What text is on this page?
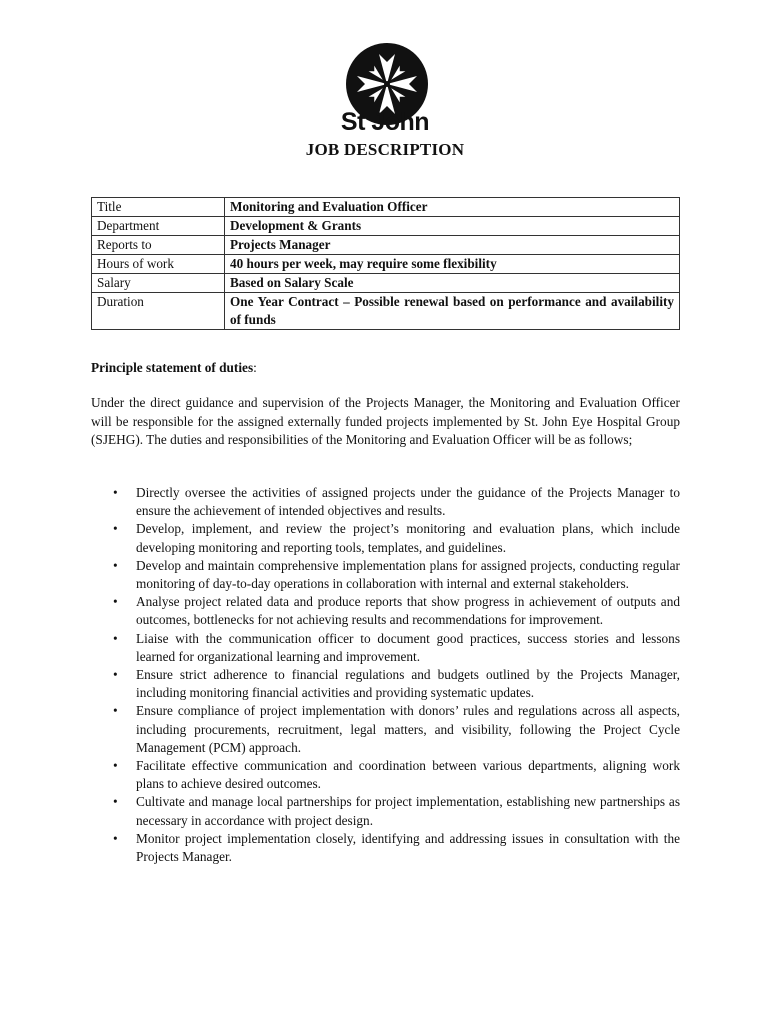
St John
JOB DESCRIPTION
Title	Monitoring and Evaluation Officer
Department	Development & Grants
Reports to	Projects Manager
Hours of work	40 hours per week, may require some flexibility
Salary	Based on Salary Scale
Duration	One Year Contract – Possible renewal based on performance and availability of funds
Principle statement of duties:

Under the direct guidance and supervision of the Projects Manager, the Monitoring and Evaluation Officer will be responsible for the assigned externally funded projects implemented by St. John Eye Hospital Group (SJEHG). The duties and responsibilities of the Monitoring and Evaluation Officer will be as follows;

• Directly oversee the activities of assigned projects under the guidance of the Projects Manager to ensure the achievement of intended objectives and results.
• Develop, implement, and review the project’s monitoring and evaluation plans, which include developing monitoring and reporting tools, templates, and guidelines.
• Develop and maintain comprehensive implementation plans for assigned projects, conducting regular monitoring of day-to-day operations in collaboration with internal and external stakeholders.
• Analyse project related data and produce reports that show progress in achievement of outputs and outcomes, bottlenecks for not achieving results and recommendations for improvement.
• Liaise with the communication officer to document good practices, success stories and lessons learned for organizational learning and improvement.
• Ensure strict adherence to financial regulations and budgets outlined by the Projects Manager, including monitoring financial activities and providing systematic updates.
• Ensure compliance of project implementation with donors’ rules and regulations across all aspects, including procurements, recruitment, legal matters, and visibility, following the Project Cycle Management (PCM) approach.
• Facilitate effective communication and coordination between various departments, aligning work plans to achieve desired outcomes.
• Cultivate and manage local partnerships for project implementation, establishing new partnerships as necessary in accordance with project design.
• Monitor project implementation closely, identifying and addressing issues in consultation with the Projects Manager.
